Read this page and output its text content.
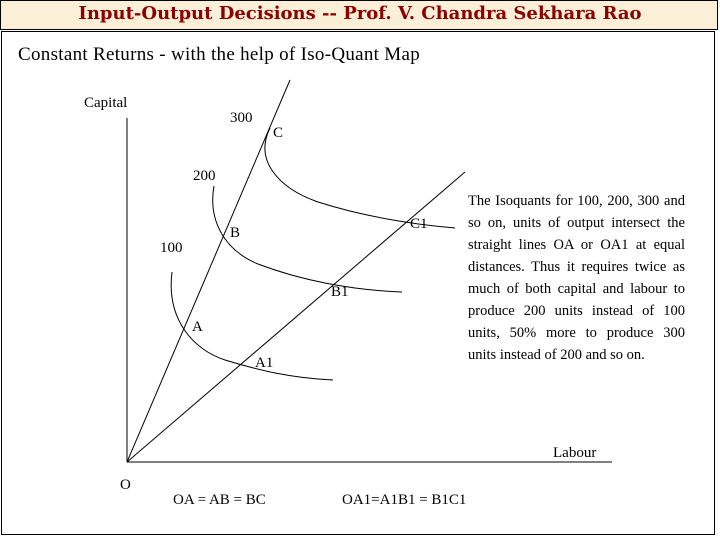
Input-Output Decisions -- Prof. V. Chandra Sekhara Rao
Constant Returns - with the help of Iso-Quant Map
Capital
Labour
O
100
200
300
A
B
C
A1
B1
C1
OA = AB = BC	OA1=A1B1 = B1C1
The Isoquants for 100, 200, 300 and so on, units of output intersect the straight lines OA or OA1 at equal distances. Thus it requires twice as much of both capital and labour to produce 200 units instead of 100 units, 50% more to produce 300 units instead of 200 and so on.
